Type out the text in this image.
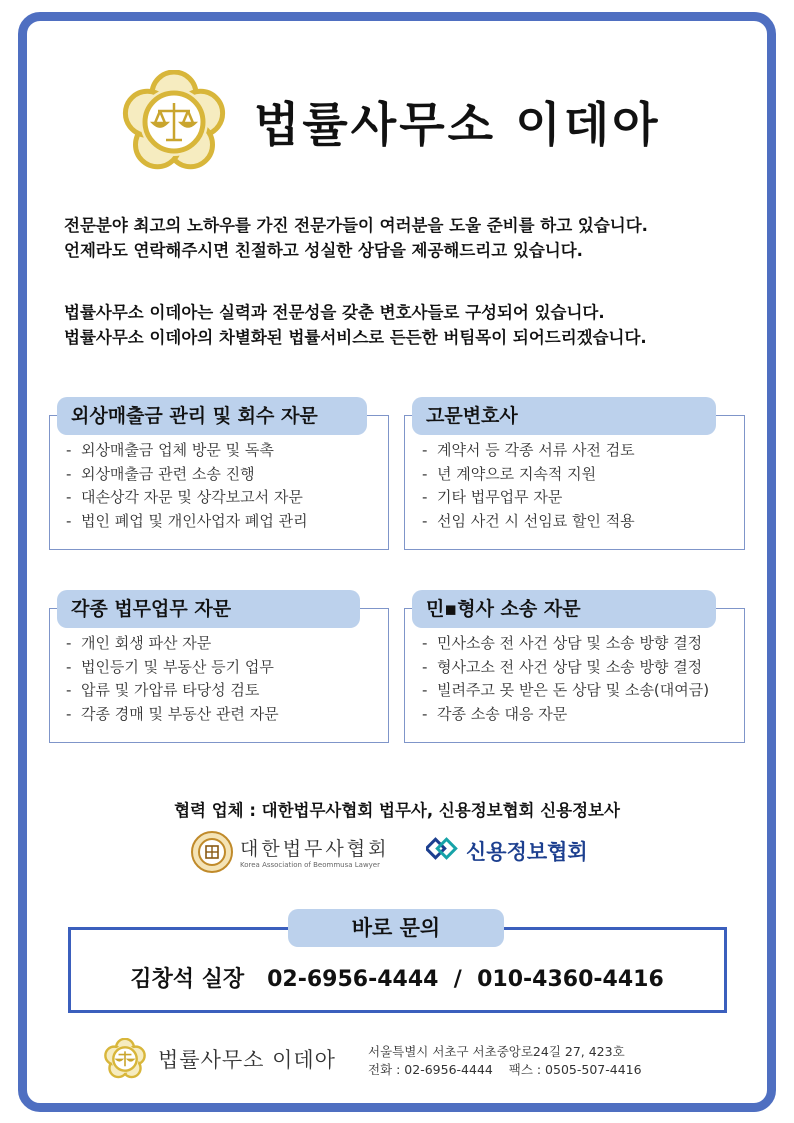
법률사무소 이데아
전문분야 최고의 노하우를 가진 전문가들이 여러분을 도울 준비를 하고 있습니다.
언제라도 연락해주시면 친절하고 성실한 상담을 제공해드리고 있습니다.
법률사무소 이데아는 실력과 전문성을 갖춘 변호사들로 구성되어 있습니다.
법률사무소 이데아의 차별화된 법률서비스로 든든한 버팀목이 되어드리겠습니다.
외상매출금 관리 및 회수 자문
-  외상매출금 업체 방문 및 독촉
-  외상매출금 관련 소송 진행
-  대손상각 자문 및 상각보고서 자문
-  법인 폐업 및 개인사업자 폐업 관리
고문변호사
-  계약서 등 각종 서류 사전 검토
-  년 계약으로 지속적 지원
-  기타 법무업무 자문
-  선임 사건 시 선임료 할인 적용
각종 법무업무 자문
-  개인 회생 파산 자문
-  법인등기 및 부동산 등기 업무
-  압류 및 가압류 타당성 검토
-  각종 경매 및 부동산 관련 자문
민▪형사 소송 자문
-  민사소송 전 사건 상담 및 소송 방향 결정
-  형사고소 전 사건 상담 및 소송 방향 결정
-  빌려주고 못 받은 돈 상담 및 소송(대여금)
-  각종 소송 대응 자문
협력 업체 : 대한법무사협회 법무사, 신용정보협회 신용정보사
대한법무사협회
Korea Association of Beommusa Lawyer
신용정보협회
바로 문의
김창석 실장   02-6956-4444  /  010-4360-4416
법률사무소 이데아	서울특별시 서초구 서초중앙로24길 27, 423호
전화 : 02-6956-4444    팩스 : 0505-507-4416
